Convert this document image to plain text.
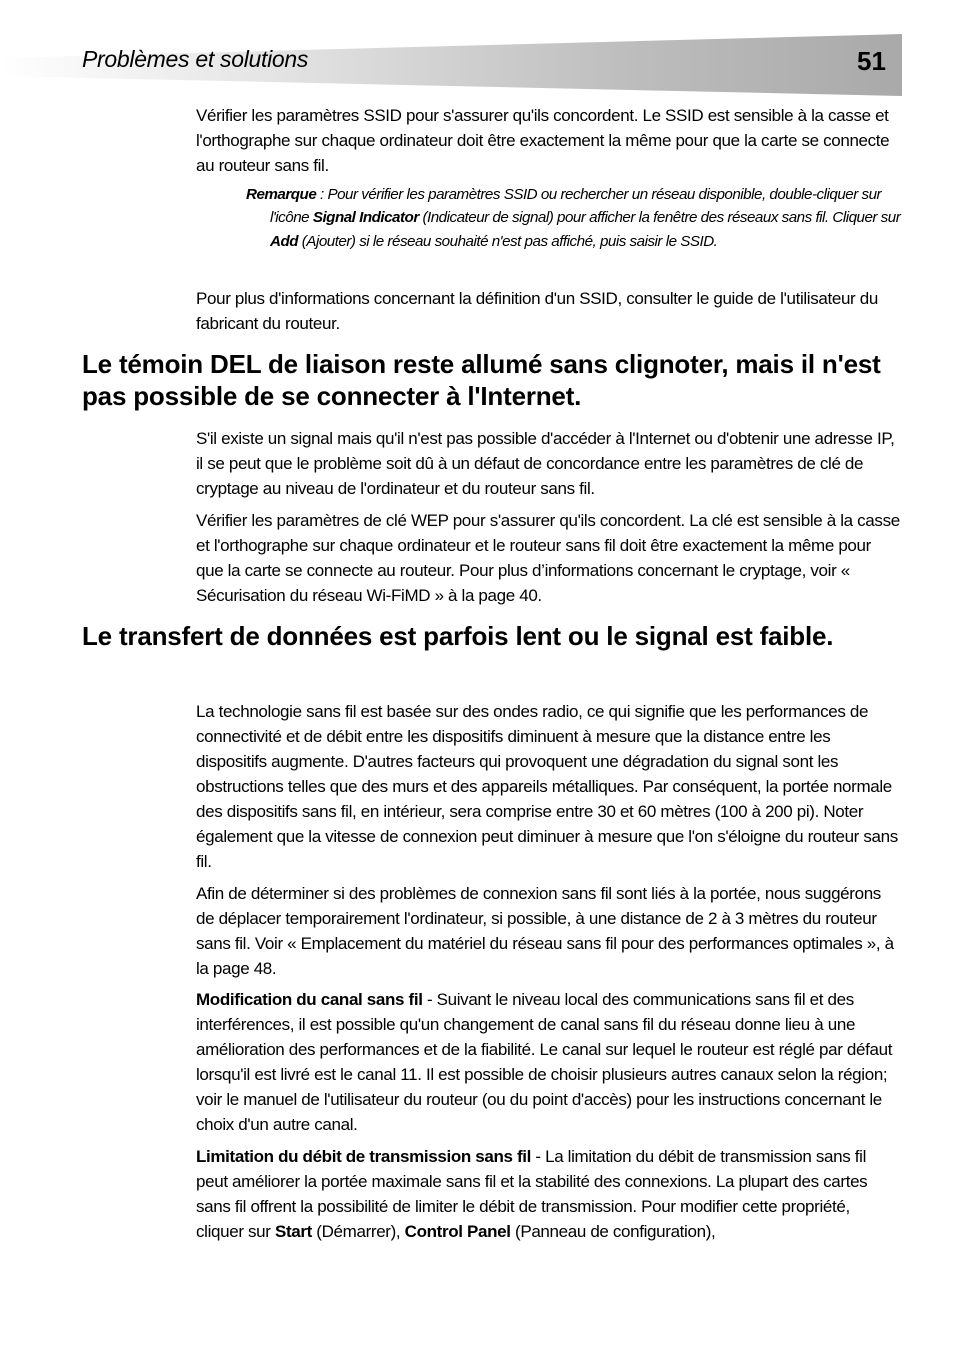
Problèmes et solutions	51

Vérifier les paramètres SSID pour s'assurer qu'ils concordent. Le SSID est sensible à la casse et l'orthographe sur chaque ordinateur doit être exactement la même pour que la carte se connecte au routeur sans fil.

Remarque : Pour vérifier les paramètres SSID ou rechercher un réseau disponible, double-cliquer sur l'icône Signal Indicator (Indicateur de signal) pour afficher la fenêtre des réseaux sans fil. Cliquer sur Add (Ajouter) si le réseau souhaité n'est pas affiché, puis saisir le SSID.

Pour plus d'informations concernant la définition d'un SSID, consulter le guide de l'utilisateur du fabricant du routeur.

Le témoin DEL de liaison reste allumé sans clignoter, mais il n'est pas possible de se connecter à l'Internet.

S'il existe un signal mais qu'il n'est pas possible d'accéder à l'Internet ou d'obtenir une adresse IP, il se peut que le problème soit dû à un défaut de concordance entre les paramètres de clé de cryptage au niveau de l'ordinateur et du routeur sans fil.

Vérifier les paramètres de clé WEP pour s'assurer qu'ils concordent. La clé est sensible à la casse et l'orthographe sur chaque ordinateur et le routeur sans fil doit être exactement la même pour que la carte se connecte au routeur. Pour plus d’informations concernant le cryptage, voir « Sécurisation du réseau Wi-FiMD » à la page 40.

Le transfert de données est parfois lent ou le signal est faible.

La technologie sans fil est basée sur des ondes radio, ce qui signifie que les performances de connectivité et de débit entre les dispositifs diminuent à mesure que la distance entre les dispositifs augmente. D'autres facteurs qui provoquent une dégradation du signal sont les obstructions telles que des murs et des appareils métalliques. Par conséquent, la portée normale des dispositifs sans fil, en intérieur, sera comprise entre 30 et 60 mètres (100 à 200 pi). Noter également que la vitesse de connexion peut diminuer à mesure que l'on s'éloigne du routeur sans fil.

Afin de déterminer si des problèmes de connexion sans fil sont liés à la portée, nous suggérons de déplacer temporairement l'ordinateur, si possible, à une distance de 2 à 3 mètres du routeur sans fil. Voir « Emplacement du matériel du réseau sans fil pour des performances optimales », à la page 48.

Modification du canal sans fil - Suivant le niveau local des communications sans fil et des interférences, il est possible qu'un changement de canal sans fil du réseau donne lieu à une amélioration des performances et de la fiabilité. Le canal sur lequel le routeur est réglé par défaut lorsqu'il est livré est le canal 11. Il est possible de choisir plusieurs autres canaux selon la région; voir le manuel de l'utilisateur du routeur (ou du point d'accès) pour les instructions concernant le choix d'un autre canal.

Limitation du débit de transmission sans fil - La limitation du débit de transmission sans fil peut améliorer la portée maximale sans fil et la stabilité des connexions. La plupart des cartes sans fil offrent la possibilité de limiter le débit de transmission. Pour modifier cette propriété, cliquer sur Start (Démarrer), Control Panel (Panneau de configuration),
